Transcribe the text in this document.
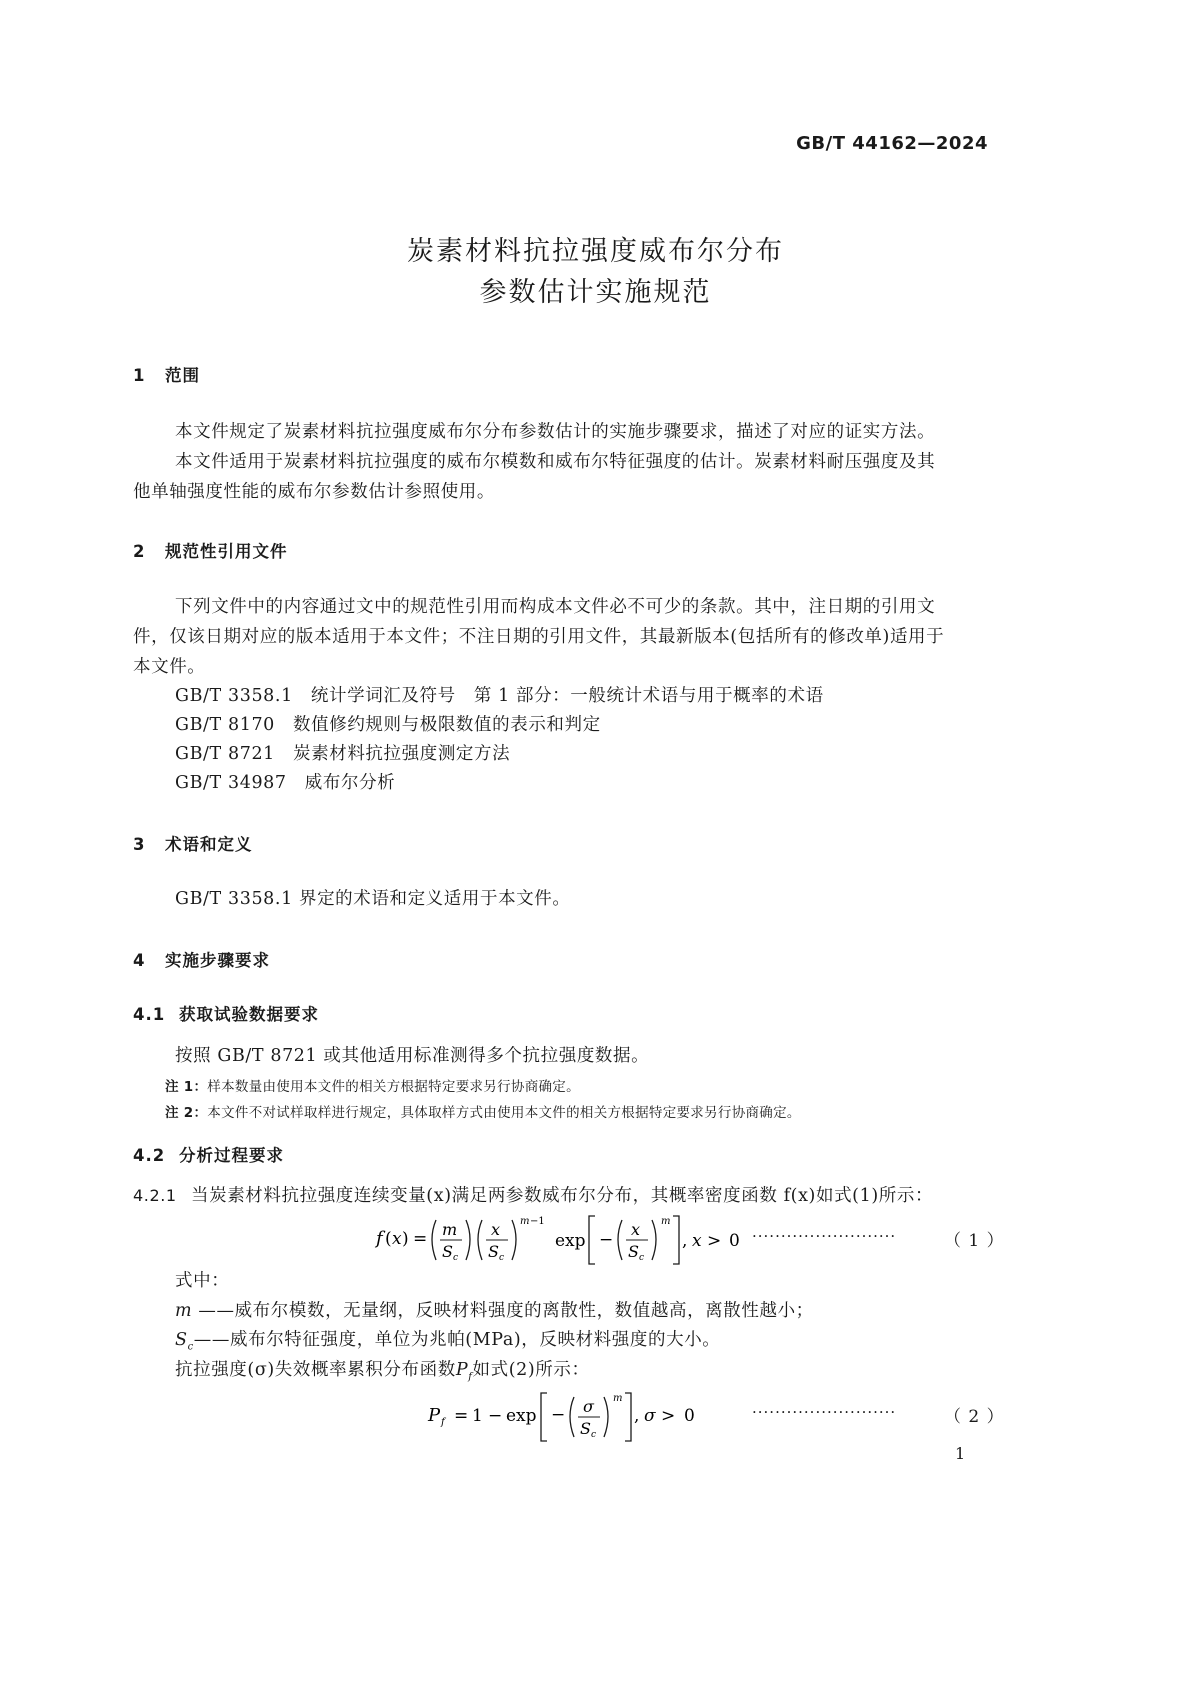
GB/T 44162—2024
炭素材料抗拉强度威布尔分布
参数估计实施规范
1 范围
本文件规定了炭素材料抗拉强度威布尔分布参数估计的实施步骤要求，描述了对应的证实方法。
本文件适用于炭素材料抗拉强度的威布尔模数和威布尔特征强度的估计。炭素材料耐压强度及其
他单轴强度性能的威布尔参数估计参照使用。
2 规范性引用文件
下列文件中的内容通过文中的规范性引用而构成本文件必不可少的条款。其中，注日期的引用文
件，仅该日期对应的版本适用于本文件；不注日期的引用文件，其最新版本(包括所有的修改单)适用于
本文件。
GB/T 3358.1　 统计学词汇及符号　第 1 部分：一般统计术语与用于概率的术语
GB/T 8170　 数值修约规则与极限数值的表示和判定
GB/T 8721　 炭素材料抗拉强度测定方法
GB/T 34987　 威布尔分析
3 术语和定义
GB/T 3358.1 界定的术语和定义适用于本文件。
4 实施步骤要求
4.1 获取试验数据要求
按照 GB/T 8721 或其他适用标准测得多个抗拉强度数据。
注 1：样本数量由使用本文件的相关方根据特定要求另行协商确定。
注 2：本文件不对试样取样进行规定，具体取样方式由使用本文件的相关方根据特定要求另行协商确定。
4.2 分析过程要求
4.2.1 当炭素材料抗拉强度连续变量(x)满足两参数威布尔分布，其概率密度函数 f(x)如式(1)所示：
f ( x ) = m
S c
x
S c
m −1
exp −
x
S c
m
, x > 0 ·························	（ 1 ）
式中：
m ——威布尔模数，无量纲，反映材料强度的离散性，数值越高，离散性越小；
$S_c——$威布尔特征强度，单位为兆帕(MPa)，反映材料强度的大小。
抗拉强度(σ)失效概率累积分布函数$P_f$如式(2)所示：
P f = 1 − exp − σ
S c
m
, σ > 0	·························	（ 2 ）
1
